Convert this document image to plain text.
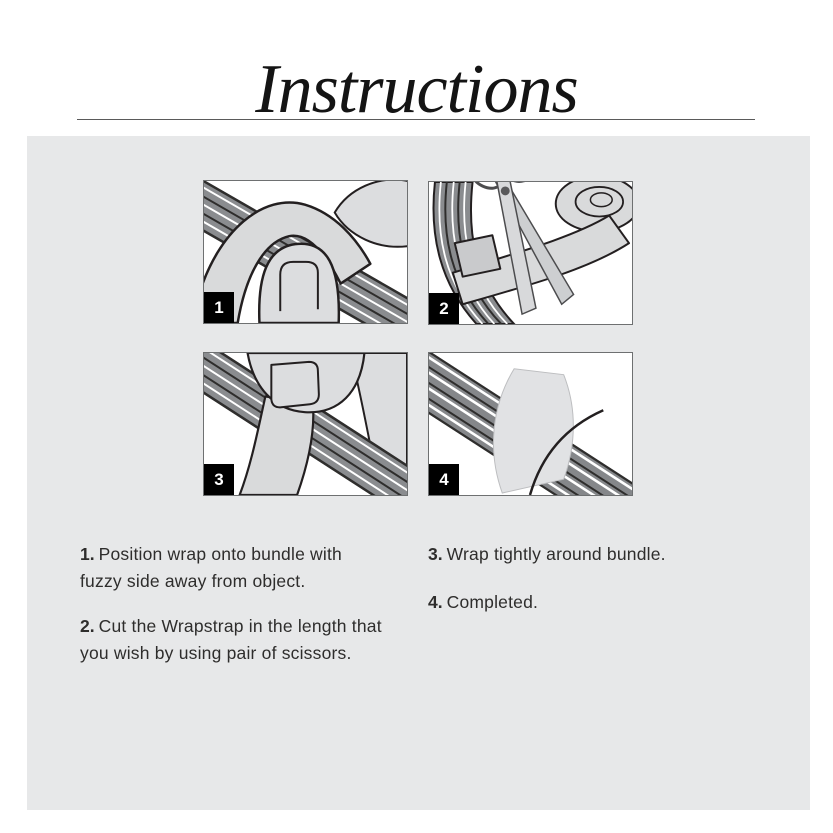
Instructions
1	2
3	4
1. Position wrap onto bundle with
fuzzy side away from object.
2. Cut the Wrapstrap in the length that
you wish by using pair of scissors.
3. Wrap tightly around bundle.
4. Completed.
